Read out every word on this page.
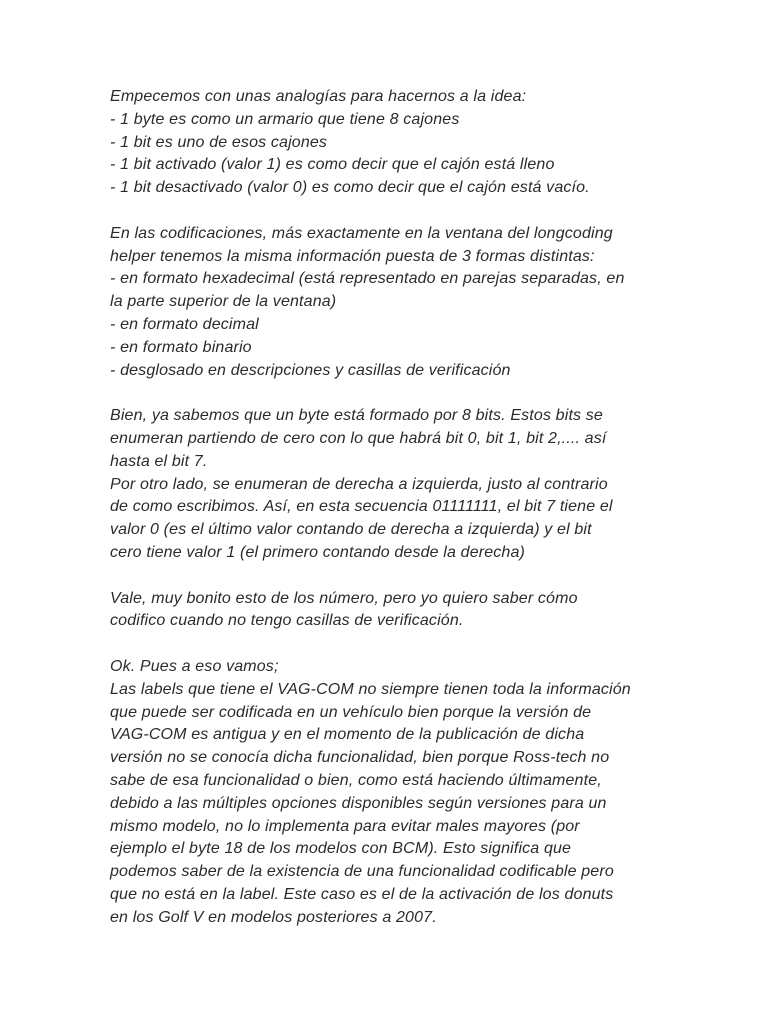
Empecemos con unas analogías para hacernos a la idea:
- 1 byte es como un armario que tiene 8 cajones
- 1 bit es uno de esos cajones
- 1 bit activado (valor 1) es como decir que el cajón está lleno
- 1 bit desactivado (valor 0) es como decir que el cajón está vacío.
En las codificaciones, más exactamente en la ventana del longcoding
helper tenemos la misma información puesta de 3 formas distintas:
- en formato hexadecimal (está representado en parejas separadas, en
la parte superior de la ventana)
- en formato decimal
- en formato binario
- desglosado en descripciones y casillas de verificación
Bien, ya sabemos que un byte está formado por 8 bits. Estos bits se
enumeran partiendo de cero con lo que habrá bit 0, bit 1, bit 2,.... así
hasta el bit 7.
Por otro lado, se enumeran de derecha a izquierda, justo al contrario
de como escribimos. Así, en esta secuencia 01111111, el bit 7 tiene el
valor 0 (es el último valor contando de derecha a izquierda) y el bit
cero tiene valor 1 (el primero contando desde la derecha)
Vale, muy bonito esto de los número, pero yo quiero saber cómo
codifico cuando no tengo casillas de verificación.
Ok. Pues a eso vamos;
Las labels que tiene el VAG-COM no siempre tienen toda la información
que puede ser codificada en un vehículo bien porque la versión de
VAG-COM es antigua y en el momento de la publicación de dicha
versión no se conocía dicha funcionalidad, bien porque Ross-tech no
sabe de esa funcionalidad o bien, como está haciendo últimamente,
debido a las múltiples opciones disponibles según versiones para un
mismo modelo, no lo implementa para evitar males mayores (por
ejemplo el byte 18 de los modelos con BCM). Esto significa que
podemos saber de la existencia de una funcionalidad codificable pero
que no está en la label. Este caso es el de la activación de los donuts
en los Golf V en modelos posteriores a 2007.
